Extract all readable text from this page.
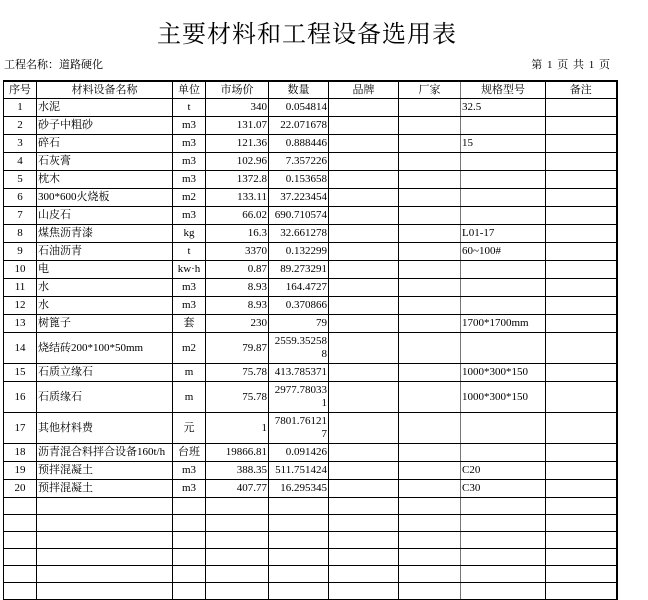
主要材料和工程设备选用表
工程名称：道路硬化	第 1 页 共 1 页
序号	材料设备名称	单位	市场价	数量	品牌	厂家	规格型号	备注
1	水泥	t	340	0.054814			32.5	
2	砂子中粗砂	m3	131.07	22.071678				
3	碎石	m3	121.36	0.888446			15	
4	石灰膏	m3	102.96	7.357226				
5	枕木	m3	1372.8	0.153658				
6	300*600火烧板	m2	133.11	37.223454				
7	山皮石	m3	66.02	690.710574				
8	煤焦沥青漆	kg	16.3	32.661278			L01-17	
9	石油沥青	t	3370	0.132299			60~100#	
10	电	kw·h	0.87	89.273291				
11	水	m3	8.93	164.4727				
12	水	m3	8.93	0.370866				
13	树篦子	套	230	79			1700*1700mm	
14	烧结砖200*100*50mm	m2	79.87	2559.352588				
15	石质立缘石	m	75.78	413.785371			1000*300*150	
16	石质缘石	m	75.78	2977.780331			1000*300*150	
17	其他材料费	元	1	7801.761217				
18	沥青混合料拌合设备160t/h	台班	19866.81	0.091426				
19	预拌混凝土	m3	388.35	511.751424			C20	
20	预拌混凝土	m3	407.77	16.295345			C30	
